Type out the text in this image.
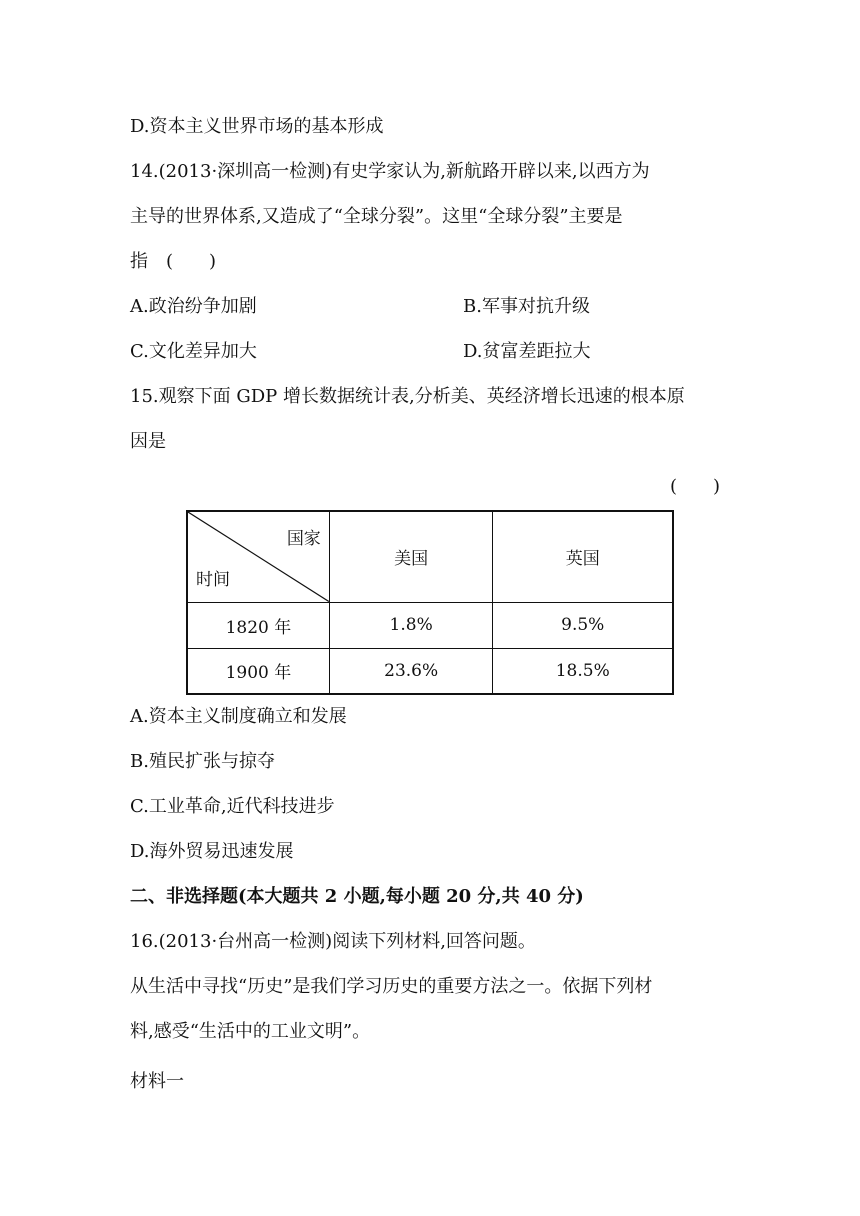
D.资本主义世界市场的基本形成
14.(2013·深圳高一检测)有史学家认为,新航路开辟以来,以西方为
主导的世界体系,又造成了“全球分裂”。这里“全球分裂”主要是
指　(　　)
A.政治纷争加剧	B.军事对抗升级
C.文化差异加大	D.贫富差距拉大
15.观察下面 GDP 增长数据统计表,分析美、英经济增长迅速的根本原
因是
(　　)
国家
时间	美国	英国
1820 年	1.8%	9.5%
1900 年	23.6%	18.5%
A.资本主义制度确立和发展
B.殖民扩张与掠夺
C.工业革命,近代科技进步
D.海外贸易迅速发展
二、非选择题(本大题共 2 小题,每小题 20 分,共 40 分)
16.(2013·台州高一检测)阅读下列材料,回答问题。
从生活中寻找“历史”是我们学习历史的重要方法之一。依据下列材
料,感受“生活中的工业文明”。
材料一
